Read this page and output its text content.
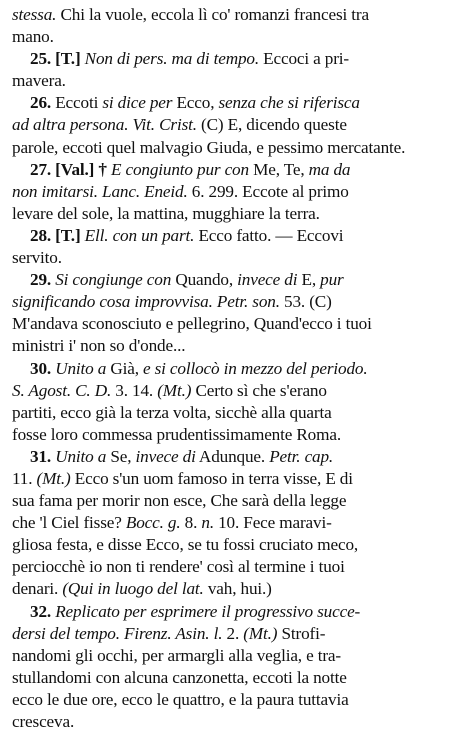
stessa. Chi la vuole, eccola lì co' romanzi francesi tra
mano.
25. [T.] Non di pers. ma di tempo. Eccoci a pri-
mavera.
26. Eccoti si dice per Ecco, senza che si riferisca
ad altra persona. Vit. Crist. (C) E, dicendo queste
parole, eccoti quel malvagio Giuda, e pessimo mercatante.
27. [Val.] † E congiunto pur con Me, Te, ma da
non imitarsi. Lanc. Eneid. 6. 299. Eccote al primo
levare del sole, la mattina, mugghiare la terra.
28. [T.] Ell. con un part. Ecco fatto. — Eccovi
servito.
29. Si congiunge con Quando, invece di E, pur
significando cosa improvvisa. Petr. son. 53. (C)
M'andava sconosciuto e pellegrino, Quand'ecco i tuoi
ministri i' non so d'onde...
30. Unito a Già, e si collocò in mezzo del periodo.
S. Agost. C. D. 3. 14. (Mt.) Certo sì che s'erano
partiti, ecco già la terza volta, sicchè alla quarta
fosse loro commessa prudentissimamente Roma.
31. Unito a Se, invece di Adunque. Petr. cap.
11. (Mt.) Ecco s'un uom famoso in terra visse, E di
sua fama per morir non esce, Che sarà della legge
che 'l Ciel fisse? Bocc. g. 8. n. 10. Fece maravi-
gliosa festa, e disse Ecco, se tu fossi cruciato meco,
perciocchè io non ti rendere' così al termine i tuoi
denari. (Qui in luogo del lat. vah, hui.)
32. Replicato per esprimere il progressivo succe-
dersi del tempo. Firenz. Asin. l. 2. (Mt.) Strofi-
nandomi gli occhi, per armargli alla veglia, e tra-
stullandomi con alcuna canzonetta, eccoti la notte
ecco le due ore, ecco le quattro, e la paura tuttavia
cresceva.
